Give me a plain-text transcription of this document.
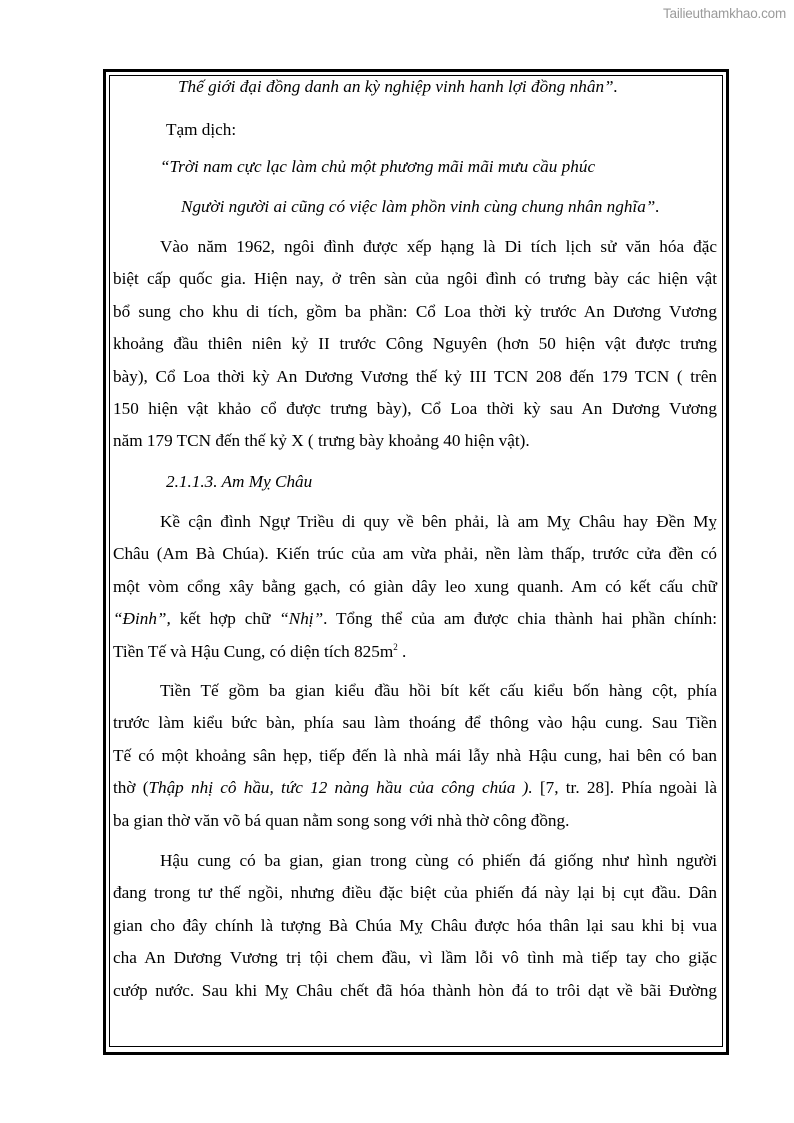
Tailieuthamkhao.com
Thế giới đại đồng danh an kỳ nghiệp vinh hanh lợi đồng nhân”.
Tạm dịch:
“Trời nam cực lạc làm chủ một phương mãi mãi mưu cầu phúc
Người người ai cũng có việc làm phồn vinh cùng chung nhân nghĩa”.
Vào năm 1962, ngôi đình được xếp hạng là Di tích lịch sử văn hóa đặc
biệt cấp quốc gia. Hiện nay, ở trên sàn của ngôi đình có trưng bày các hiện vật
bổ sung cho khu di tích, gồm ba phần: Cổ Loa thời kỳ trước An Dương Vương
khoảng đầu thiên niên kỷ II trước Công Nguyên (hơn 50 hiện vật được trưng
bày), Cổ Loa thời kỳ An Dương Vương thế kỷ III TCN 208 đến 179 TCN ( trên
150 hiện vật khảo cổ được trưng bày), Cổ Loa thời kỳ sau An Dương Vương
năm 179 TCN đến thế kỷ X ( trưng bày khoảng 40 hiện vật).
2.1.1.3. Am Mỵ Châu
Kề cận đình Ngự Triều di quy về bên phải, là am Mỵ Châu hay Đền Mỵ
Châu (Am Bà Chúa). Kiến trúc của am vừa phải, nền làm thấp, trước cửa đền có
một vòm cổng xây bằng gạch, có giàn dây leo xung quanh. Am có kết cấu chữ
“Đinh”, kết hợp chữ “Nhị”. Tổng thể của am được chia thành hai phần chính:
Tiền Tế và Hậu Cung, có diện tích $825m^2$ .
Tiền Tế gồm ba gian kiểu đầu hồi bít kết cấu kiểu bốn hàng cột, phía
trước làm kiểu bức bàn, phía sau làm thoáng để thông vào hậu cung. Sau Tiền
Tế có một khoảng sân hẹp, tiếp đến là nhà mái lẫy nhà Hậu cung, hai bên có ban
thờ (Thập nhị cô hầu, tức 12 nàng hầu của công chúa ). [7, tr. 28]. Phía ngoài là
ba gian thờ văn võ bá quan nằm song song với nhà thờ công đồng.
Hậu cung có ba gian, gian trong cùng có phiến đá giống như hình người
đang trong tư thế ngồi, nhưng điều đặc biệt của phiến đá này lại bị cụt đầu. Dân
gian cho đây chính là tượng Bà Chúa Mỵ Châu được hóa thân lại sau khi bị vua
cha An Dương Vương trị tội chem đầu, vì lầm lỗi vô tình mà tiếp tay cho giặc
cướp nước. Sau khi Mỵ Châu chết đã hóa thành hòn đá to trôi dạt về bãi Đường
